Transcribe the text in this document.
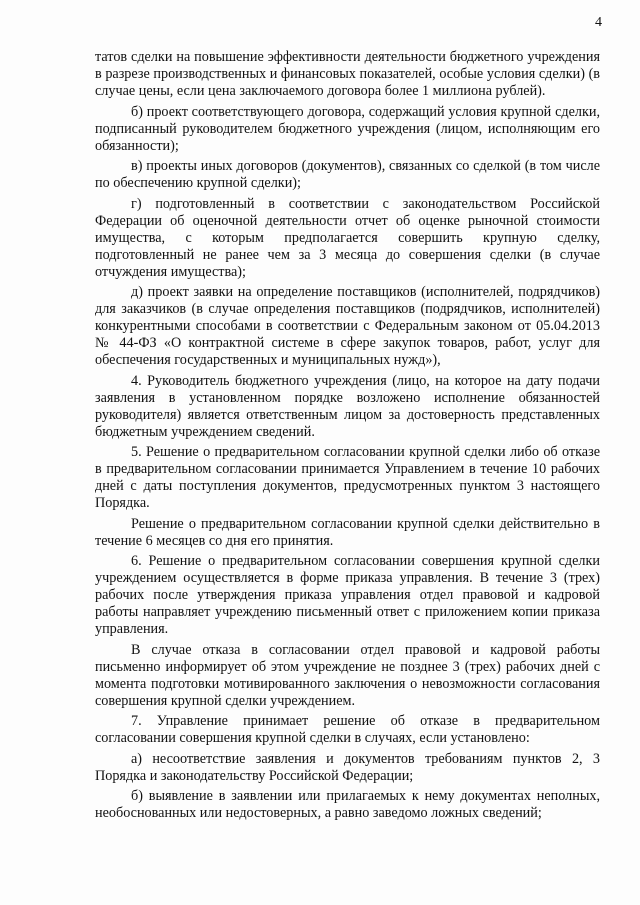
4

татов сделки на повышение эффективности деятельности бюджетного учреждения в разрезе производственных и финансовых показателей, особые условия сделки) (в случае цены, если цена заключаемого договора более 1 миллиона рублей).

б) проект соответствующего договора, содержащий условия крупной сделки, подписанный руководителем бюджетного учреждения (лицом, исполняющим его обязанности);

в) проекты иных договоров (документов), связанных со сделкой (в том числе по обеспечению крупной сделки);

г) подготовленный в соответствии с законодательством Российской Федерации об оценочной деятельности отчет об оценке рыночной стоимости имущества, с которым предполагается совершить крупную сделку, подготовленный не ранее чем за 3 месяца до совершения сделки (в случае отчуждения имущества);

д) проект заявки на определение поставщиков (исполнителей, подрядчиков) для заказчиков (в случае определения поставщиков (подрядчиков, исполнителей) конкурентными способами в соответствии с Федеральным законом от 05.04.2013 № 44-ФЗ «О контрактной системе в сфере закупок товаров, работ, услуг для обеспечения государственных и муниципальных нужд»),

4. Руководитель бюджетного учреждения (лицо, на которое на дату подачи заявления в установленном порядке возложено исполнение обязанностей руководителя) является ответственным лицом за достоверность представленных бюджетным учреждением сведений.

5. Решение о предварительном согласовании крупной сделки либо об отказе в предварительном согласовании принимается Управлением в течение 10 рабочих дней с даты поступления документов, предусмотренных пунктом 3 настоящего Порядка.

Решение о предварительном согласовании крупной сделки действительно в течение 6 месяцев со дня его принятия.

6. Решение о предварительном согласовании совершения крупной сделки учреждением осуществляется в форме приказа управления. В течение 3 (трех) рабочих после утверждения приказа управления отдел правовой и кадровой работы направляет учреждению письменный ответ с приложением копии приказа управления.

В случае отказа в согласовании отдел правовой и кадровой работы письменно информирует об этом учреждение не позднее 3 (трех) рабочих дней с момента подготовки мотивированного заключения о невозможности согласования совершения крупной сделки учреждением.

7. Управление принимает решение об отказе в предварительном согласовании совершения крупной сделки в случаях, если установлено:

а) несоответствие заявления и документов требованиям пунктов 2, 3 Порядка и законодательству Российской Федерации;

б) выявление в заявлении или прилагаемых к нему документах неполных, необоснованных или недостоверных, а равно заведомо ложных сведений;
